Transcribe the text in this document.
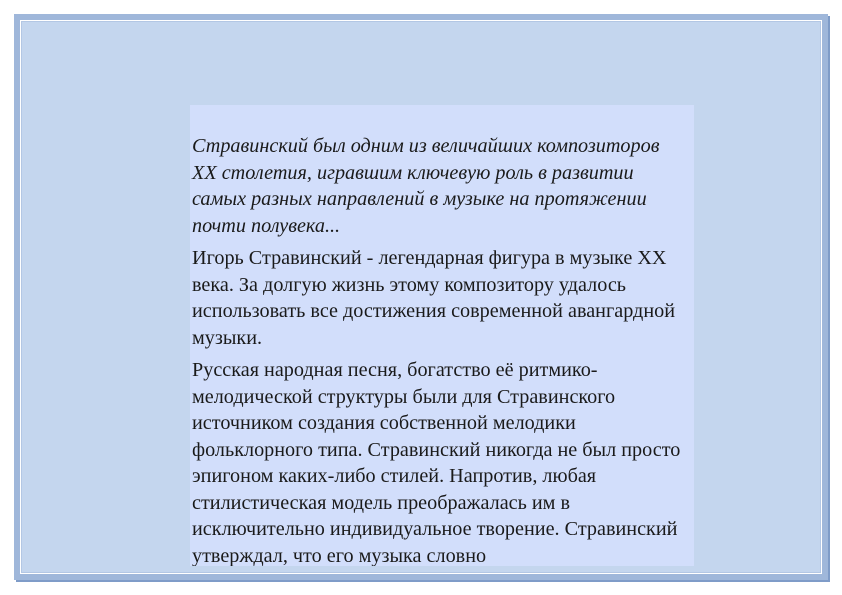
Стравинский был одним из величайших композиторов XX столетия, игравшим ключевую роль в развитии самых разных направлений в музыке на протяжении почти полувека...

Игорь Стравинский - легендарная фигура в музыке XX века. За долгую жизнь этому композитору удалось использовать все достижения современной авангардной музыки.

Русская народная песня, богатство её ритмико-мелодической структуры были для Стравинского источником создания собственной мелодики фольклорного типа. Стравинский никогда не был просто эпигоном каких-либо стилей. Напротив, любая стилистическая модель преображалась им в исключительно индивидуальное творение. Стравинский утверждал, что его музыка словно
